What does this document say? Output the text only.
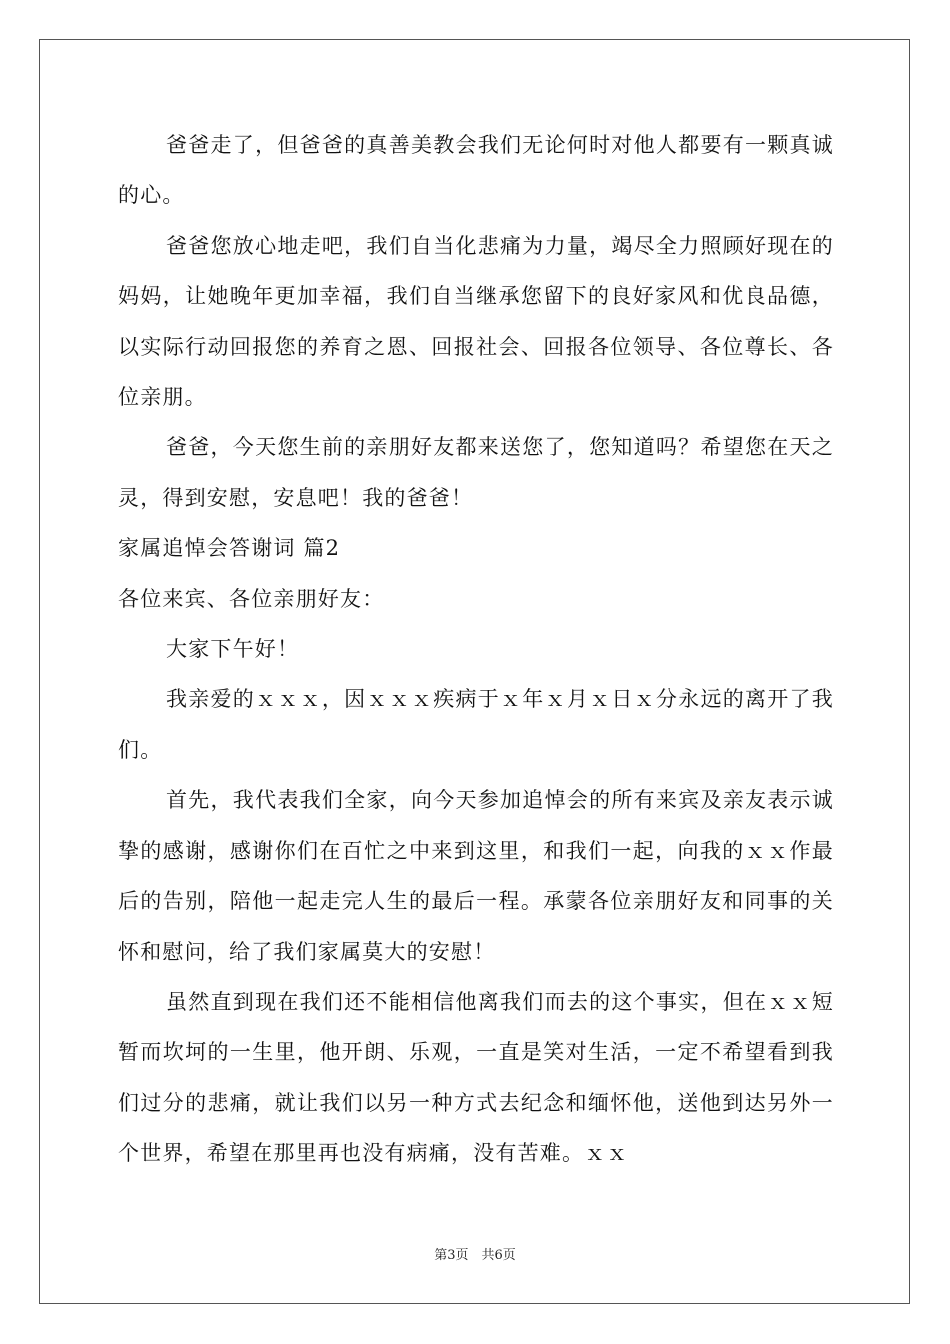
爸爸走了，但爸爸的真善美教会我们无论何时对他人都要有一颗真诚的心。

爸爸您放心地走吧，我们自当化悲痛为力量，竭尽全力照顾好现在的妈妈，让她晚年更加幸福，我们自当继承您留下的良好家风和优良品德，以实际行动回报您的养育之恩、回报社会、回报各位领导、各位尊长、各位亲朋。

爸爸，今天您生前的亲朋好友都来送您了，您知道吗？希望您在天之灵，得到安慰，安息吧！我的爸爸！

家属追悼会答谢词 篇2

各位来宾、各位亲朋好友：

大家下午好！

我亲爱的ｘｘｘ，因ｘｘｘ疾病于ｘ年ｘ月ｘ日ｘ分永远的离开了我们。

首先，我代表我们全家，向今天参加追悼会的所有来宾及亲友表示诚挚的感谢，感谢你们在百忙之中来到这里，和我们一起，向我的ｘｘ作最后的告别，陪他一起走完人生的最后一程。承蒙各位亲朋好友和同事的关怀和慰问，给了我们家属莫大的安慰！

虽然直到现在我们还不能相信他离我们而去的这个事实，但在ｘｘ短暂而坎坷的一生里，他开朗、乐观，一直是笑对生活，一定不希望看到我们过分的悲痛，就让我们以另一种方式去纪念和缅怀他，送他到达另外一个世界，希望在那里再也没有病痛，没有苦难。ｘｘ

第3页　共6页
